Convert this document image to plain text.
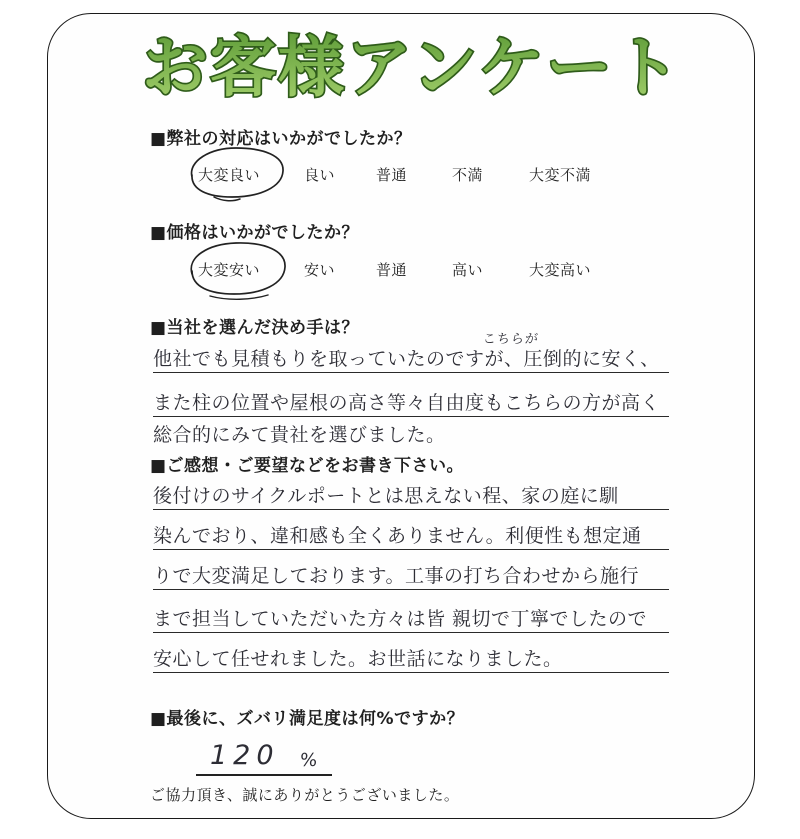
お客様アンケート
■弊社の対応はいかがでしたか？
大変良い	良い	普通	不満	大変不満
■価格はいかがでしたか？
大変安い	安い	普通	高い	大変高い
■当社を選んだ決め手は？
こちらが
他社でも見積もりを取っていたのですが、圧倒的に安く、
また柱の位置や屋根の高さ等々自由度もこちらの方が高く
総合的にみて貴社を選びました。
■ご感想・ご要望などをお書き下さい。
後付けのサイクルポートとは思えない程、家の庭に馴
染んでおり、違和感も全くありません。利便性も想定通
りで大変満足しております。工事の打ち合わせから施行
まで担当していただいた方々は皆 親切で丁寧でしたので
安心して任せれました。お世話になりました。
■最後に、ズバリ満足度は何%ですか？
120 %
ご協力頂き、誠にありがとうございました。
